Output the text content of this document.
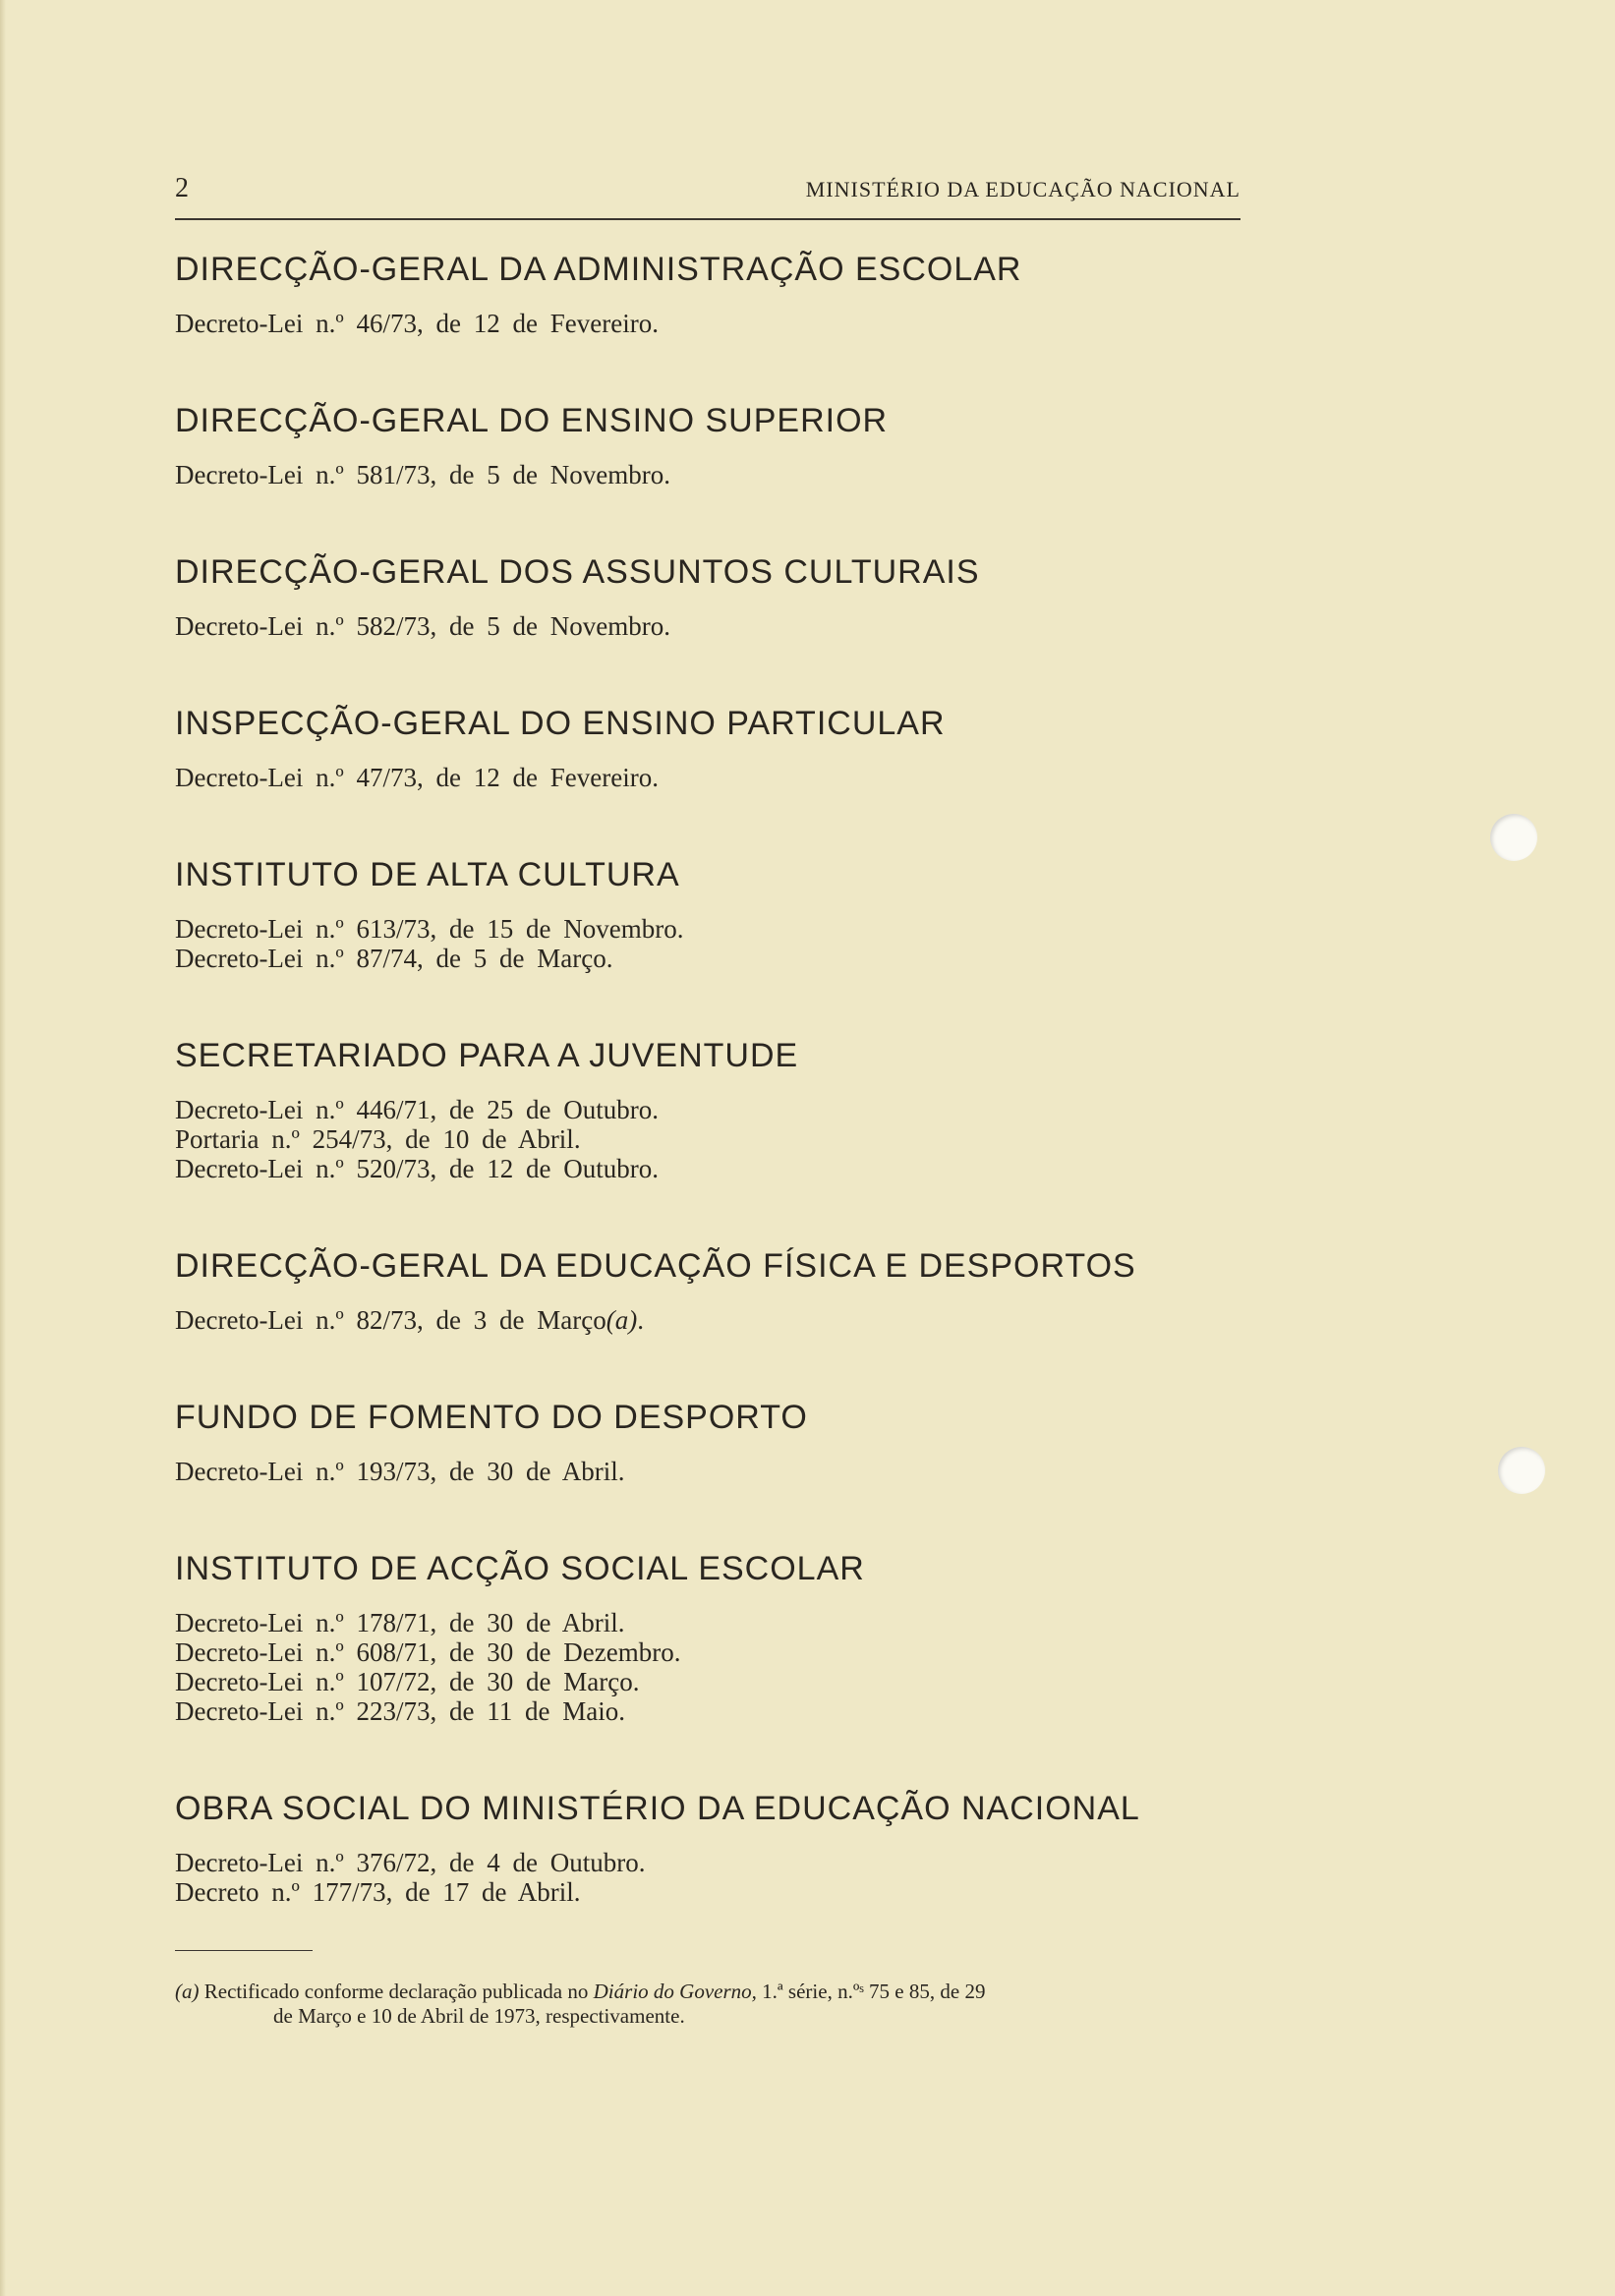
2	MINISTÉRIO DA EDUCAÇÃO NACIONAL
DIRECÇÃO-GERAL DA ADMINISTRAÇÃO ESCOLAR
Decreto-Lei n.º 46/73, de 12 de Fevereiro.
DIRECÇÃO-GERAL DO ENSINO SUPERIOR
Decreto-Lei n.º 581/73, de 5 de Novembro.
DIRECÇÃO-GERAL DOS ASSUNTOS CULTURAIS
Decreto-Lei n.º 582/73, de 5 de Novembro.
INSPECÇÃO-GERAL DO ENSINO PARTICULAR
Decreto-Lei n.º 47/73, de 12 de Fevereiro.
INSTITUTO DE ALTA CULTURA
Decreto-Lei n.º 613/73, de 15 de Novembro.
Decreto-Lei n.º 87/74, de 5 de Março.
SECRETARIADO PARA A JUVENTUDE
Decreto-Lei n.º 446/71, de 25 de Outubro.
Portaria n.º 254/73, de 10 de Abril.
Decreto-Lei n.º 520/73, de 12 de Outubro.
DIRECÇÃO-GERAL DA EDUCAÇÃO FÍSICA E DESPORTOS
Decreto-Lei n.º 82/73, de 3 de Março(a).
FUNDO DE FOMENTO DO DESPORTO
Decreto-Lei n.º 193/73, de 30 de Abril.
INSTITUTO DE ACÇÃO SOCIAL ESCOLAR
Decreto-Lei n.º 178/71, de 30 de Abril.
Decreto-Lei n.º 608/71, de 30 de Dezembro.
Decreto-Lei n.º 107/72, de 30 de Março.
Decreto-Lei n.º 223/73, de 11 de Maio.
OBRA SOCIAL DO MINISTÉRIO DA EDUCAÇÃO NACIONAL
Decreto-Lei n.º 376/72, de 4 de Outubro.
Decreto n.º 177/73, de 17 de Abril.
(a) Rectificado conforme declaração publicada no Diário do Governo, 1.ª série, n.ºˢ 75 e 85, de 29
de Março e 10 de Abril de 1973, respectivamente.
